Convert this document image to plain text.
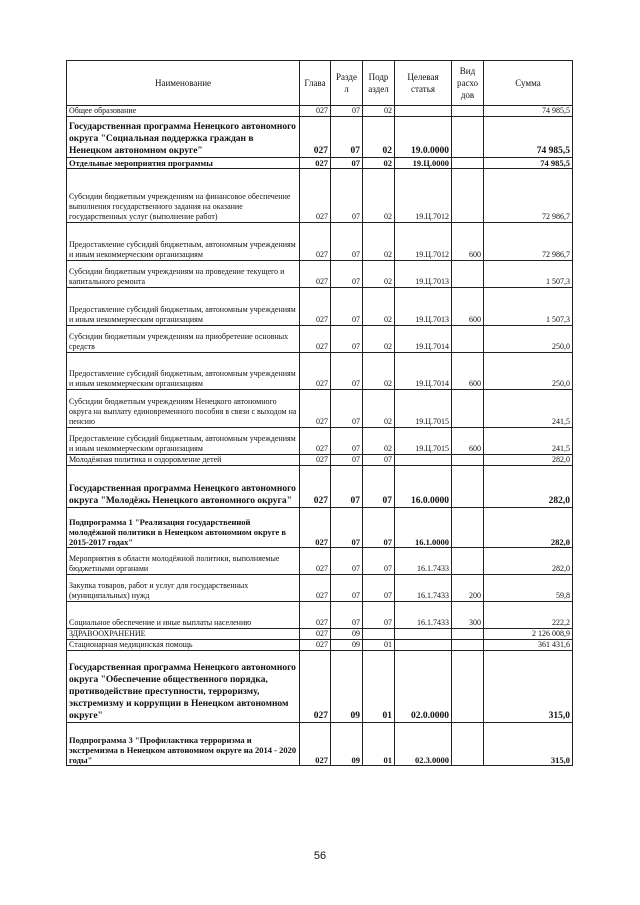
Наименование	Глава	Разде л	Подр аздел	Целевая статья	Вид расхо дов	Сумма
Общее образование	027	07	02			74 985,5
Государственная программа Ненецкого автономного округа "Социальная поддержка граждан в Ненецком автономном округе"	027	07	02	19.0.0000		74 985,5
Отдельные мероприятия программы	027	07	02	19.Ц.0000		74 985,5
Субсидии бюджетным учреждениям на финансовое обеспечение выполнения государственного задания на оказание государственных услуг (выполнение работ)	027	07	02	19.Ц.7012		72 986,7
Предоставление субсидий бюджетным, автономным учреждениям и иным некоммерческим организациям	027	07	02	19.Ц.7012	600	72 986,7
Субсидии бюджетным учреждениям на проведение текущего и капитального ремонта	027	07	02	19.Ц.7013		1 507,3
Предоставление субсидий бюджетным, автономным учреждениям и иным некоммерческим организациям	027	07	02	19.Ц.7013	600	1 507,3
Субсидии бюджетным учреждениям на приобретение основных средств	027	07	02	19.Ц.7014		250,0
Предоставление субсидий бюджетным, автономным учреждениям и иным некоммерческим организациям	027	07	02	19.Ц.7014	600	250,0
Субсидии бюджетным учреждениям Ненецкого автономного округа на выплату единовременного пособия в связи с выходом на пенсию	027	07	02	19.Ц.7015		241,5
Предоставление субсидий бюджетным, автономным учреждениям и иным некоммерческим организациям	027	07	02	19.Ц.7015	600	241,5
Молодёжная политика и оздоровление детей	027	07	07			282,0
Государственная программа Ненецкого автономного округа "Молодёжь Ненецкого автономного округа"	027	07	07	16.0.0000		282,0
Подпрограмма 1 "Реализация государственной молодёжной политики в Ненецком автономном округе в 2015-2017 годах"	027	07	07	16.1.0000		282,0
Мероприятия в области молодёжной политики, выполняемые бюджетными органами	027	07	07	16.1.7433		282,0
Закупка товаров, работ и услуг для государственных (муниципальных) нужд	027	07	07	16.1.7433	200	59,8
Социальное обеспечение и иные выплаты населению	027	07	07	16.1.7433	300	222,2
ЗДРАВООХРАНЕНИЕ	027	09				2 126 008,9
Стационарная медицинская помощь	027	09	01			361 431,6
Государственная программа Ненецкого автономного округа "Обеспечение общественного порядка, противодействие преступности, терроризму, экстремизму и коррупции в Ненецком автономном округе"	027	09	01	02.0.0000		315,0
Подпрограмма 3 "Профилактика терроризма и экстремизма в Ненецком автономном округе на 2014 - 2020 годы"	027	09	01	02.3.0000		315,0
56
